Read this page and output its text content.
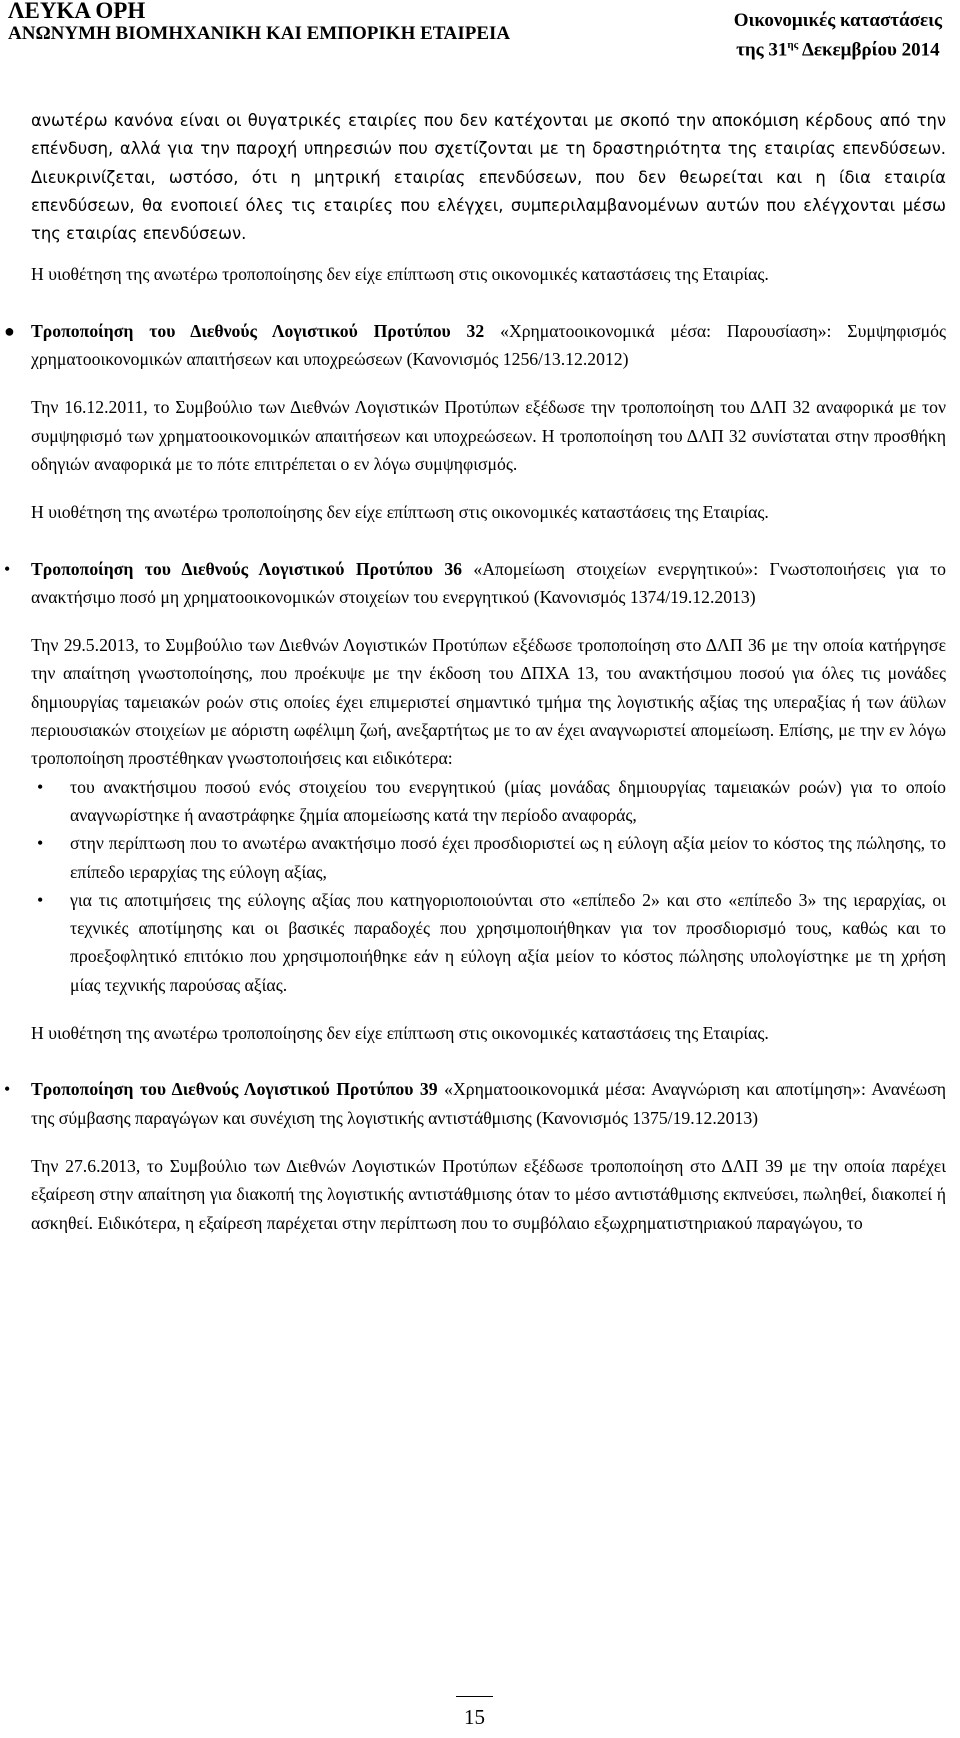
ΛΕΥΚΑ ΟΡΗ
ΑΝΩΝΥΜΗ ΒΙΟΜΗΧΑΝΙΚΗ ΚΑΙ ΕΜΠΟΡΙΚΗ ΕΤΑΙΡΕΙΑ
Οικονομικές καταστάσεις
της $31^{\eta\varsigma}$ Δεκεμβρίου 2014

ανωτέρω κανόνα είναι οι θυγατρικές εταιρίες που δεν κατέχονται με σκοπό την αποκόμιση κέρδους από την επένδυση, αλλά για την παροχή υπηρεσιών που σχετίζονται με τη δραστηριότητα της εταιρίας επενδύσεων. Διευκρινίζεται, ωστόσο, ότι η μητρική εταιρίας επενδύσεων, που δεν θεωρείται και η ίδια εταιρία επενδύσεων, θα ενοποιεί όλες τις εταιρίες που ελέγχει, συμπεριλαμβανομένων αυτών που ελέγχονται μέσω της εταιρίας επενδύσεων.

Η υιοθέτηση της ανωτέρω τροποποίησης δεν είχε επίπτωση στις οικονομικές καταστάσεις της Εταιρίας.

● Τροποποίηση του Διεθνούς Λογιστικού Προτύπου 32 «Χρηματοοικονομικά μέσα: Παρουσίαση»: Συμψηφισμός χρηματοοικονομικών απαιτήσεων και υποχρεώσεων (Κανονισμός 1256/13.12.2012)

Την 16.12.2011, το Συμβούλιο των Διεθνών Λογιστικών Προτύπων εξέδωσε την τροποποίηση του ΔΛΠ 32 αναφορικά με τον συμψηφισμό των χρηματοοικονομικών απαιτήσεων και υποχρεώσεων. Η τροποποίηση του ΔΛΠ 32 συνίσταται στην προσθήκη οδηγιών αναφορικά με το πότε επιτρέπεται ο εν λόγω συμψηφισμός.

Η υιοθέτηση της ανωτέρω τροποποίησης δεν είχε επίπτωση στις οικονομικές καταστάσεις της Εταιρίας.

• Τροποποίηση του Διεθνούς Λογιστικού Προτύπου 36 «Απομείωση στοιχείων ενεργητικού»: Γνωστοποιήσεις για το ανακτήσιμο ποσό μη χρηματοοικονομικών στοιχείων του ενεργητικού (Κανονισμός 1374/19.12.2013)

Την 29.5.2013, το Συμβούλιο των Διεθνών Λογιστικών Προτύπων εξέδωσε τροποποίηση στο ΔΛΠ 36 με την οποία κατήργησε την απαίτηση γνωστοποίησης, που προέκυψε με την έκδοση του ΔΠΧΑ 13, του ανακτήσιμου ποσού για όλες τις μονάδες δημιουργίας ταμειακών ροών στις οποίες έχει επιμεριστεί σημαντικό τμήμα της λογιστικής αξίας της υπεραξίας ή των άϋλων περιουσιακών στοιχείων με αόριστη ωφέλιμη ζωή, ανεξαρτήτως με το αν έχει αναγνωριστεί απομείωση. Επίσης, με την εν λόγω τροποποίηση προστέθηκαν γνωστοποιήσεις και ειδικότερα:

• του ανακτήσιμου ποσού ενός στοιχείου του ενεργητικού (μίας μονάδας δημιουργίας ταμειακών ροών) για το οποίο αναγνωρίστηκε ή αναστράφηκε ζημία απομείωσης κατά την περίοδο αναφοράς,

• στην περίπτωση που το ανωτέρω ανακτήσιμο ποσό έχει προσδιοριστεί ως η εύλογη αξία μείον το κόστος της πώλησης, το επίπεδο ιεραρχίας της εύλογη αξίας,

• για τις αποτιμήσεις της εύλογης αξίας που κατηγοριοποιούνται στο «επίπεδο 2» και στο «επίπεδο 3» της ιεραρχίας, οι τεχνικές αποτίμησης και οι βασικές παραδοχές που χρησιμοποιήθηκαν για τον προσδιορισμό τους, καθώς και το προεξοφλητικό επιτόκιο που χρησιμοποιήθηκε εάν η εύλογη αξία μείον το κόστος πώλησης υπολογίστηκε με τη χρήση μίας τεχνικής παρούσας αξίας.

Η υιοθέτηση της ανωτέρω τροποποίησης δεν είχε επίπτωση στις οικονομικές καταστάσεις της Εταιρίας.

• Τροποποίηση του Διεθνούς Λογιστικού Προτύπου 39 «Χρηματοοικονομικά μέσα: Αναγνώριση και αποτίμηση»: Ανανέωση της σύμβασης παραγώγων και συνέχιση της λογιστικής αντιστάθμισης (Κανονισμός 1375/19.12.2013)

Την 27.6.2013, το Συμβούλιο των Διεθνών Λογιστικών Προτύπων εξέδωσε τροποποίηση στο ΔΛΠ 39 με την οποία παρέχει εξαίρεση στην απαίτηση για διακοπή της λογιστικής αντιστάθμισης όταν το μέσο αντιστάθμισης εκπνεύσει, πωληθεί, διακοπεί ή ασκηθεί. Ειδικότερα, η εξαίρεση παρέχεται στην περίπτωση που το συμβόλαιο εξωχρηματιστηριακού παραγώγου, το

15
